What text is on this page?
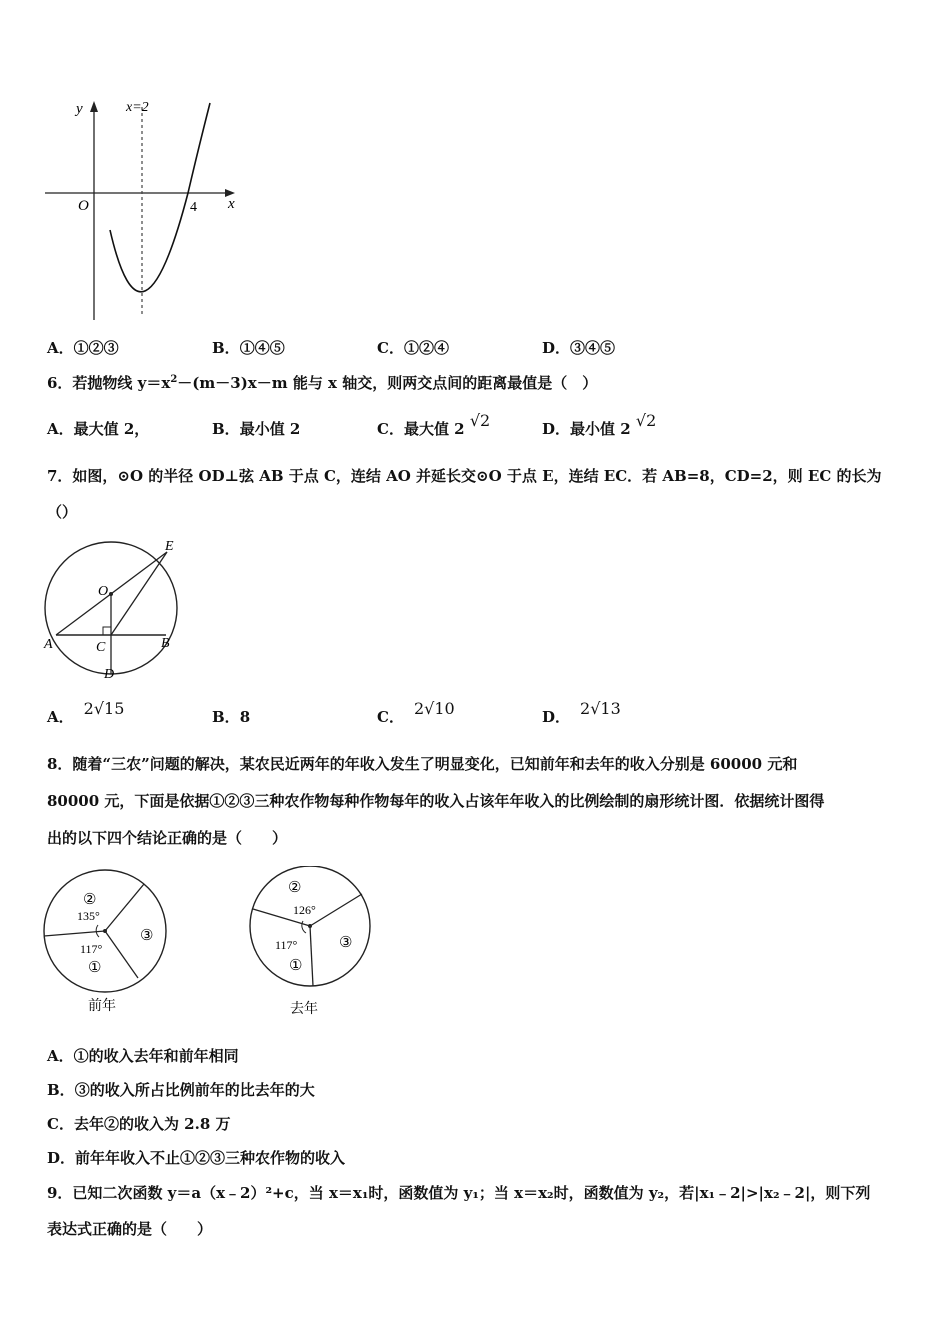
y	x=2
O	4 x
A．①②③	B．①④⑤	C．①②④	D．③④⑤
6．若抛物线 $y=x^2-(m-3)x-m$ 能与 x 轴交，则两交点间的距离最值是（　）
A．最大值 2，	B．最小值 2	C．最大值 2 √2	D．最小值 2 √2
7．如图，⊙O 的半径 OD⊥弦 AB 于点 C，连结 AO 并延长交⊙O 于点 E，连结 EC．若 AB=8，CD=2，则 EC 的长为
（）
E
O
A	C	B
D
A． 2√15	B．8	C． 2√10	D． 2√13
8．随着“三农”问题的解决，某农民近两年的年收入发生了明显变化，已知前年和去年的收入分别是 60000 元和
80000 元，下面是依据①②③三种农作物每种作物每年的收入占该年年收入的比例绘制的扇形统计图．依据统计图得
出的以下四个结论正确的是（　　）
②
135°
③
117°
①
前年
②
126°
③
117°
①
去年
A．①的收入去年和前年相同
B．③的收入所占比例前年的比去年的大
C．去年②的收入为 2.8 万
D．前年年收入不止①②③三种农作物的收入
9．已知二次函数 y＝a（x﹣2）²+c，当 x＝x₁时，函数值为 y₁；当 x＝x₂时，函数值为 y₂，若|x₁﹣2|>|x₂﹣2|，则下列
表达式正确的是（　　）
